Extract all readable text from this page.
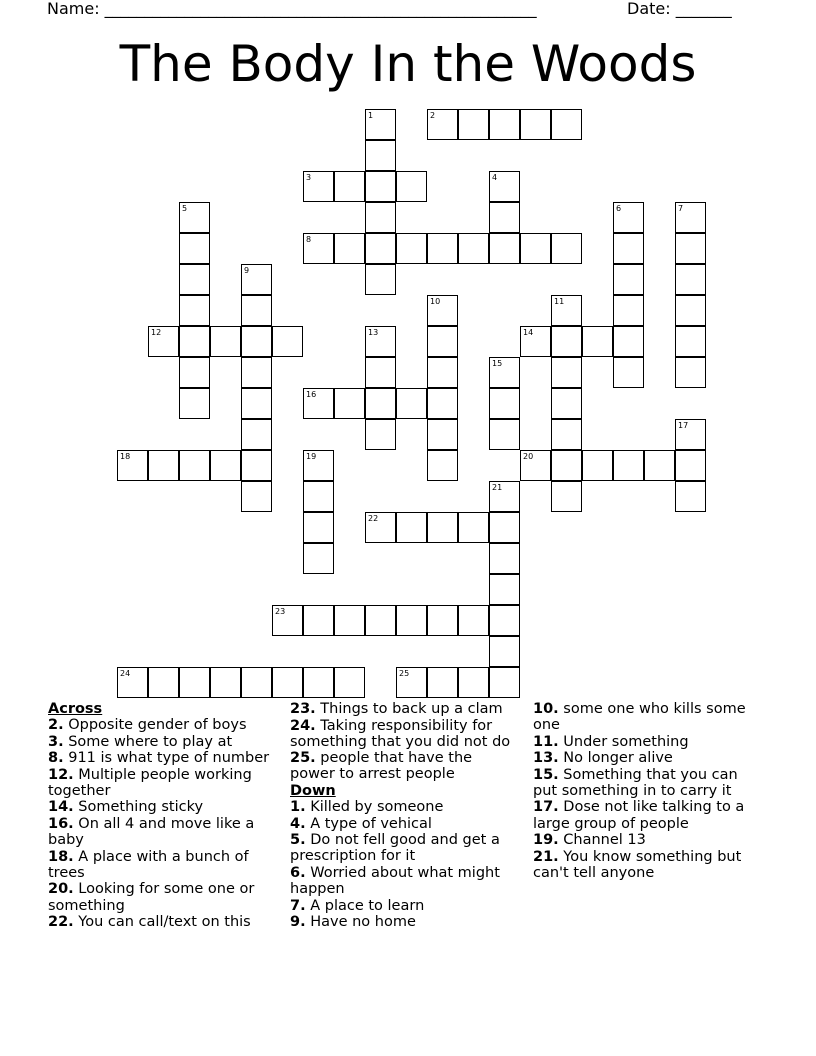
Name: ______________________________________________________	Date: _______
The Body In the Woods
2
3
8
12	14
16
18	20
22
23
24	25
1
4
5	6	7
9
10	11
13
15
17
19
21
Across
2. Opposite gender of boys
3. Some where to play at
8. 911 is what type of number
12. Multiple people working together
14. Something sticky
16. On all 4 and move like a baby
18. A place with a bunch of trees
20. Looking for some one or something
22. You can call/text on this
23. Things to back up a clam
24. Taking responsibility for something that you did not do
25. people that have the power to arrest people
Down
1. Killed by someone
4. A type of vehical
5. Do not fell good and get a prescription for it
6. Worried about what might happen
7. A place to learn
9. Have no home
10. some one who kills some one
11. Under something
13. No longer alive
15. Something that you can put something in to carry it
17. Dose not like talking to a large group of people
19. Channel 13
21. You know something but can't tell anyone
